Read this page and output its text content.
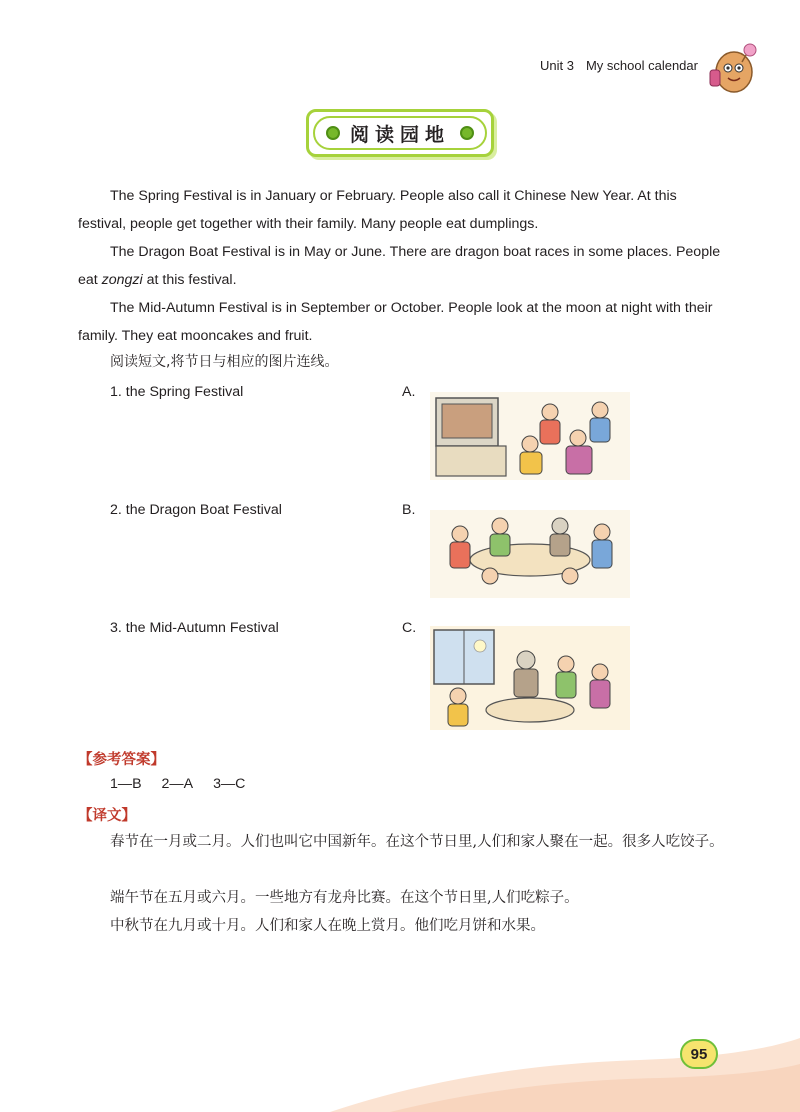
Unit 3 My school calendar
阅读园地

The Spring Festival is in January or February. People also call it Chinese New Year. At this festival, people get together with their family. Many people eat dumplings.

The Dragon Boat Festival is in May or June. There are dragon boat races in some places. People eat zongzi at this festival.

The Mid-Autumn Festival is in September or October. People look at the moon at night with their family. They eat mooncakes and fruit.

阅读短文,将节日与相应的图片连线。
1. the Spring Festival	A.
2. the Dragon Boat Festival	B.
3. the Mid-Autumn Festival	C.
【参考答案】
1—B 2—A 3—C
【译文】

春节在一月或二月。人们也叫它中国新年。在这个节日里,人们和家人聚在一起。很多人吃饺子。

端午节在五月或六月。一些地方有龙舟比赛。在这个节日里,人们吃粽子。

中秋节在九月或十月。人们和家人在晚上赏月。他们吃月饼和水果。

95
